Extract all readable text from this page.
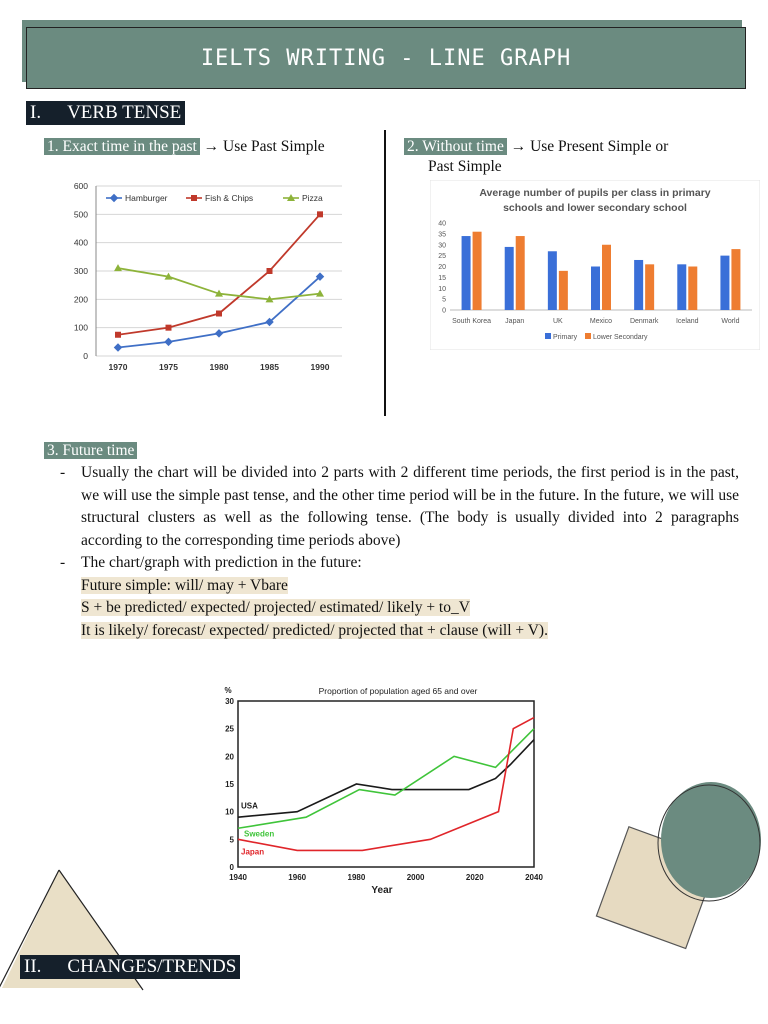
IELTS WRITING - LINE GRAPH
I. VERB TENSE
1. Exact time in the past → Use Past Simple	2. Without time → Use Present Simple or
Past Simple
0
100
200
300
400
500
600
1970	1975	1980	1985	1990
Hamburger	Fish & Chips	Pizza	Average number of pupils per class in primary
schools and lower secondary school
0
5
10
15
20
25
30
35
40
South Korea Japan	UK	Mexico	Denmark	Iceland	World
Primary Lower Secondary
3. Future time
- Usually the chart will be divided into 2 parts with 2 different time periods, the first period is in the past, we will use the simple past tense, and the other time period will be in the future. In the future, we will use structural clusters as well as the following tense. (The body is usually divided into 2 paragraphs according to the corresponding time periods above)
- The chart/graph with prediction in the future:
Future simple: will/ may + Vbare
S + be predicted/ expected/ projected/ estimated/ likely + to_V
It is likely/ forecast/ expected/ predicted/ projected that + clause (will + V).
Proportion of population aged 65 and over
%
0
5
10
15
20
25
30
1940	1960	1980	2000	2020	2040
Year
USA
Sweden
Japan
II. CHANGES/TRENDS
